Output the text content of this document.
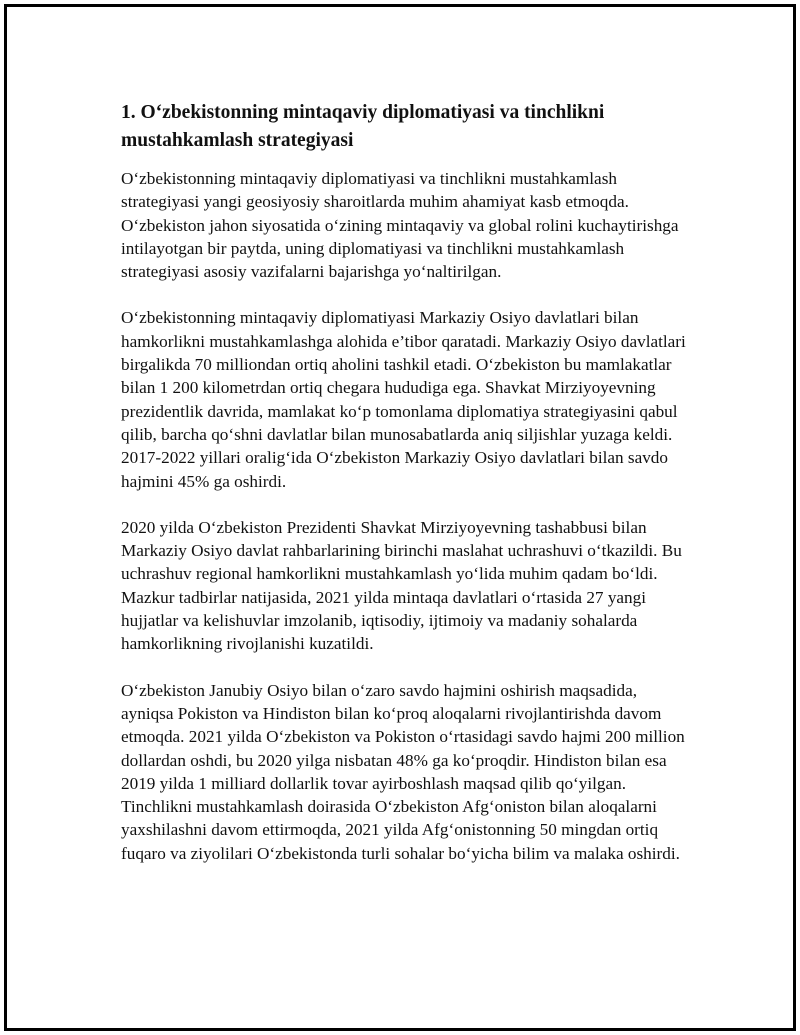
1. O‘zbekistonning mintaqaviy diplomatiyasi va tinchlikni mustahkamlash strategiyasi

O‘zbekistonning mintaqaviy diplomatiyasi va tinchlikni mustahkamlash strategiyasi yangi geosiyosiy sharoitlarda muhim ahamiyat kasb etmoqda. O‘zbekiston jahon siyosatida o‘zining mintaqaviy va global rolini kuchaytirishga intilayotgan bir paytda, uning diplomatiyasi va tinchlikni mustahkamlash strategiyasi asosiy vazifalarni bajarishga yo‘naltirilgan.

O‘zbekistonning mintaqaviy diplomatiyasi Markaziy Osiyo davlatlari bilan hamkorlikni mustahkamlashga alohida e’tibor qaratadi. Markaziy Osiyo davlatlari birgalikda 70 milliondan ortiq aholini tashkil etadi. O‘zbekiston bu mamlakatlar bilan 1 200 kilometrdan ortiq chegara hududiga ega. Shavkat Mirziyoyevning prezidentlik davrida, mamlakat ko‘p tomonlama diplomatiya strategiyasini qabul qilib, barcha qo‘shni davlatlar bilan munosabatlarda aniq siljishlar yuzaga keldi. 2017-2022 yillari oralig‘ida O‘zbekiston Markaziy Osiyo davlatlari bilan savdo hajmini 45% ga oshirdi.

2020 yilda O‘zbekiston Prezidenti Shavkat Mirziyoyevning tashabbusi bilan Markaziy Osiyo davlat rahbarlarining birinchi maslahat uchrashuvi o‘tkazildi. Bu uchrashuv regional hamkorlikni mustahkamlash yo‘lida muhim qadam bo‘ldi. Mazkur tadbirlar natijasida, 2021 yilda mintaqa davlatlari o‘rtasida 27 yangi hujjatlar va kelishuvlar imzolanib, iqtisodiy, ijtimoiy va madaniy sohalarda hamkorlikning rivojlanishi kuzatildi.

O‘zbekiston Janubiy Osiyo bilan o‘zaro savdo hajmini oshirish maqsadida, ayniqsa Pokiston va Hindiston bilan ko‘proq aloqalarni rivojlantirishda davom etmoqda. 2021 yilda O‘zbekiston va Pokiston o‘rtasidagi savdo hajmi 200 million dollardan oshdi, bu 2020 yilga nisbatan 48% ga ko‘proqdir. Hindiston bilan esa 2019 yilda 1 milliard dollarlik tovar ayirboshlash maqsad qilib qo‘yilgan. Tinchlikni mustahkamlash doirasida O‘zbekiston Afg‘oniston bilan aloqalarni yaxshilashni davom ettirmoqda, 2021 yilda Afg‘onistonning 50 mingdan ortiq fuqaro va ziyolilari O‘zbekistonda turli sohalar bo‘yicha bilim va malaka oshirdi.
